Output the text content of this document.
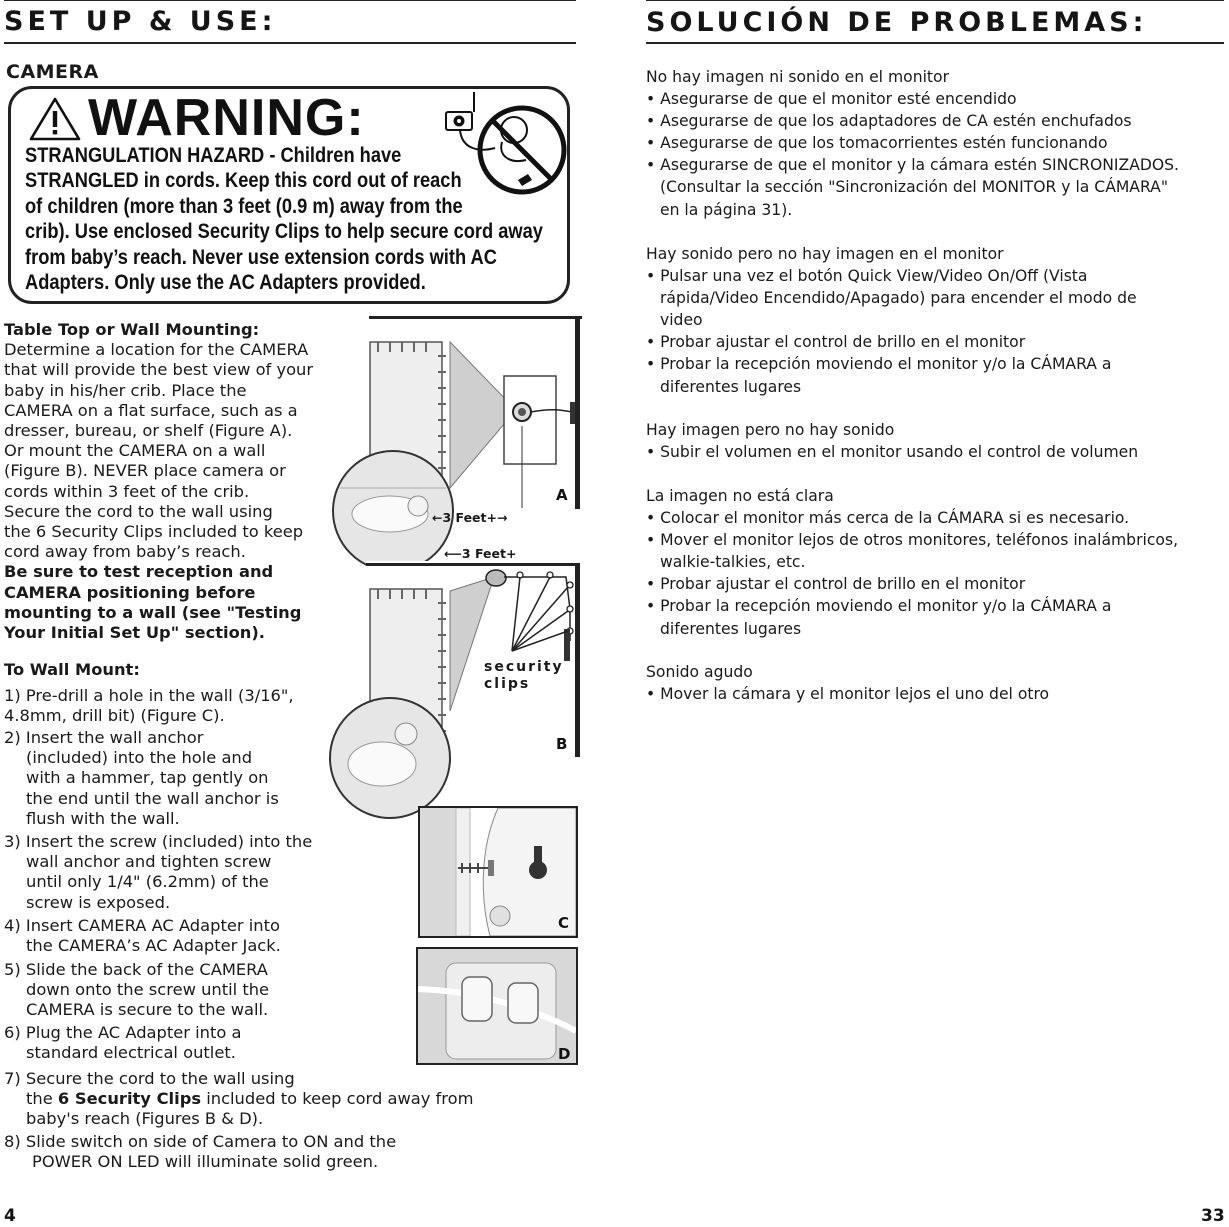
SET UP & USE:
CAMERA
WARNING:
STRANGULATION HAZARD - Children have
STRANGLED in cords. Keep this cord out of reach
of children (more than 3 feet (0.9 m) away from the
crib). Use enclosed Security Clips to help secure cord away
from baby’s reach. Never use extension cords with AC
Adapters. Only use the AC Adapters provided.
Table Top or Wall Mounting:
Determine a location for the CAMERA
that will provide the best view of your
baby in his/her crib. Place the
CAMERA on a flat surface, such as a
dresser, bureau, or shelf (Figure A).
Or mount the CAMERA on a wall
(Figure B). NEVER place camera or
cords within 3 feet of the crib.
Secure the cord to the wall using
the 6 Security Clips included to keep
cord away from baby’s reach.
Be sure to test reception and
CAMERA positioning before
mounting to a wall (see "Testing
Your Initial Set Up" section).
To Wall Mount:
1) Pre-drill a hole in the wall (3/16",
4.8mm, drill bit) (Figure C).
2) Insert the wall anchor
(included) into the hole and
with a hammer, tap gently on
the end until the wall anchor is
flush with the wall.
3) Insert the screw (included) into the
wall anchor and tighten screw
until only 1/4" (6.2mm) of the
screw is exposed.
4) Insert CAMERA AC Adapter into
the CAMERA’s AC Adapter Jack.
5) Slide the back of the CAMERA
down onto the screw until the
CAMERA is secure to the wall.
6) Plug the AC Adapter into a
standard electrical outlet.
7) Secure the cord to the wall using
the 6 Security Clips included to keep cord away from
baby's reach (Figures B & D).
8) Slide switch on side of Camera to ON and the
POWER ON LED will illuminate solid green.
A
←3 Feet+→
⟵3 Feet+
security
clips
B
C
D
4
SOLUCIÓN DE PROBLEMAS:
No hay imagen ni sonido en el monitor
• Asegurarse de que el monitor esté encendido
• Asegurarse de que los adaptadores de CA estén enchufados
• Asegurarse de que los tomacorrientes estén funcionando
• Asegurarse de que el monitor y la cámara estén SINCRONIZADOS.
(Consultar la sección "Sincronización del MONITOR y la CÁMARA"
en la página 31).
Hay sonido pero no hay imagen en el monitor
• Pulsar una vez el botón Quick View/Video On/Off (Vista
rápida/Video Encendido/Apagado) para encender el modo de
video
• Probar ajustar el control de brillo en el monitor
• Probar la recepción moviendo el monitor y/o la CÁMARA a
diferentes lugares
Hay imagen pero no hay sonido
• Subir el volumen en el monitor usando el control de volumen
La imagen no está clara
• Colocar el monitor más cerca de la CÁMARA si es necesario.
• Mover el monitor lejos de otros monitores, teléfonos inalámbricos,
walkie-talkies, etc.
• Probar ajustar el control de brillo en el monitor
• Probar la recepción moviendo el monitor y/o la CÁMARA a
diferentes lugares
Sonido agudo
• Mover la cámara y el monitor lejos el uno del otro
33
